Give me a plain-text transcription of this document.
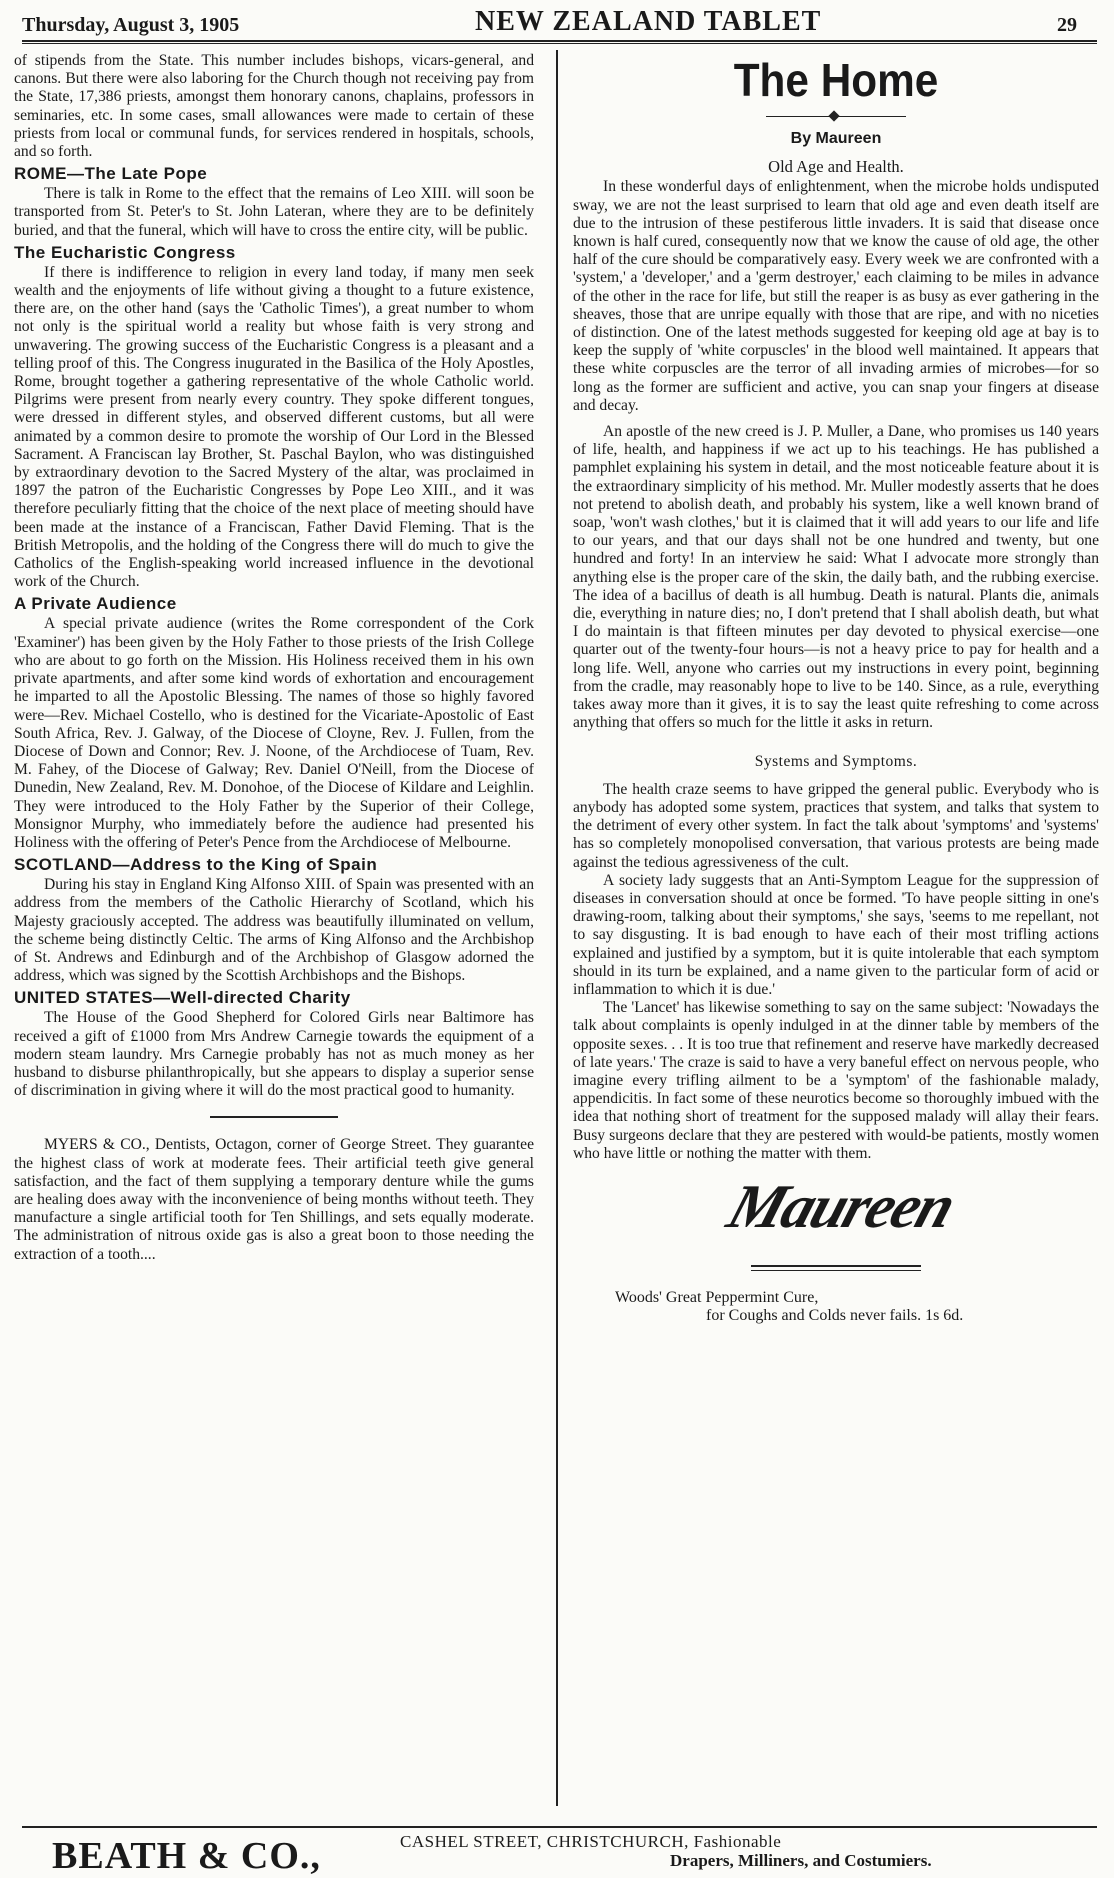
Thursday, August 3, 1905	NEW ZEALAND TABLET	29

of stipends from the State. This number includes bishops, vicars-general, and canons. But there were also laboring for the Church though not receiving pay from the State, 17,386 priests, amongst them honorary canons, chaplains, professors in seminaries, etc. In some cases, small allowances were made to certain of these priests from local or communal funds, for services rendered in hospitals, schools, and so forth.

ROME—The Late Pope

There is talk in Rome to the effect that the remains of Leo XIII. will soon be transported from St. Peter's to St. John Lateran, where they are to be definitely buried, and that the funeral, which will have to cross the entire city, will be public.

The Eucharistic Congress

If there is indifference to religion in every land today, if many men seek wealth and the enjoyments of life without giving a thought to a future existence, there are, on the other hand (says the 'Catholic Times'), a great number to whom not only is the spiritual world a reality but whose faith is very strong and unwavering. The growing success of the Eucharistic Congress is a pleasant and a telling proof of this. The Congress inugurated in the Basilica of the Holy Apostles, Rome, brought together a gathering representative of the whole Catholic world. Pilgrims were present from nearly every country. They spoke different tongues, were dressed in different styles, and observed different customs, but all were animated by a common desire to promote the worship of Our Lord in the Blessed Sacrament. A Franciscan lay Brother, St. Paschal Baylon, who was distinguished by extraordinary devotion to the Sacred Mystery of the altar, was proclaimed in 1897 the patron of the Eucharistic Congresses by Pope Leo XIII., and it was therefore peculiarly fitting that the choice of the next place of meeting should have been made at the instance of a Franciscan, Father David Fleming. That is the British Metropolis, and the holding of the Congress there will do much to give the Catholics of the English-speaking world increased influence in the devotional work of the Church.

A Private Audience

A special private audience (writes the Rome correspondent of the Cork 'Examiner') has been given by the Holy Father to those priests of the Irish College who are about to go forth on the Mission. His Holiness received them in his own private apartments, and after some kind words of exhortation and encouragement he imparted to all the Apostolic Blessing. The names of those so highly favored were—Rev. Michael Costello, who is destined for the Vicariate-Apostolic of East South Africa, Rev. J. Galway, of the Diocese of Cloyne, Rev. J. Fullen, from the Diocese of Down and Connor; Rev. J. Noone, of the Archdiocese of Tuam, Rev. M. Fahey, of the Diocese of Galway; Rev. Daniel O'Neill, from the Diocese of Dunedin, New Zealand, Rev. M. Donohoe, of the Diocese of Kildare and Leighlin. They were introduced to the Holy Father by the Superior of their College, Monsignor Murphy, who immediately before the audience had presented his Holiness with the offering of Peter's Pence from the Archdiocese of Melbourne.

SCOTLAND—Address to the King of Spain

During his stay in England King Alfonso XIII. of Spain was presented with an address from the members of the Catholic Hierarchy of Scotland, which his Majesty graciously accepted. The address was beautifully illuminated on vellum, the scheme being distinctly Celtic. The arms of King Alfonso and the Archbishop of St. Andrews and Edinburgh and of the Archbishop of Glasgow adorned the address, which was signed by the Scottish Archbishops and the Bishops.

UNITED STATES—Well-directed Charity

The House of the Good Shepherd for Colored Girls near Baltimore has received a gift of £1000 from Mrs Andrew Carnegie towards the equipment of a modern steam laundry. Mrs Carnegie probably has not as much money as her husband to disburse philanthropically, but she appears to display a superior sense of discrimination in giving where it will do the most practical good to humanity.

MYERS & CO., Dentists, Octagon, corner of George Street. They guarantee the highest class of work at moderate fees. Their artificial teeth give general satisfaction, and the fact of them supplying a temporary denture while the gums are healing does away with the inconvenience of being months without teeth. They manufacture a single artificial tooth for Ten Shillings, and sets equally moderate. The administration of nitrous oxide gas is also a great boon to those needing the extraction of a tooth....

The Home
By Maureen
Old Age and Health.

In these wonderful days of enlightenment, when the microbe holds undisputed sway, we are not the least surprised to learn that old age and even death itself are due to the intrusion of these pestiferous little invaders. It is said that disease once known is half cured, consequently now that we know the cause of old age, the other half of the cure should be comparatively easy. Every week we are confronted with a 'system,' a 'developer,' and a 'germ destroyer,' each claiming to be miles in advance of the other in the race for life, but still the reaper is as busy as ever gathering in the sheaves, those that are unripe equally with those that are ripe, and with no niceties of distinction. One of the latest methods suggested for keeping old age at bay is to keep the supply of 'white corpuscles' in the blood well maintained. It appears that these white corpuscles are the terror of all invading armies of microbes—for so long as the former are sufficient and active, you can snap your fingers at disease and decay.

An apostle of the new creed is J. P. Muller, a Dane, who promises us 140 years of life, health, and happiness if we act up to his teachings. He has published a pamphlet explaining his system in detail, and the most noticeable feature about it is the extraordinary simplicity of his method. Mr. Muller modestly asserts that he does not pretend to abolish death, and probably his system, like a well known brand of soap, 'won't wash clothes,' but it is claimed that it will add years to our life and life to our years, and that our days shall not be one hundred and twenty, but one hundred and forty! In an interview he said: What I advocate more strongly than anything else is the proper care of the skin, the daily bath, and the rubbing exercise. The idea of a bacillus of death is all humbug. Death is natural. Plants die, animals die, everything in nature dies; no, I don't pretend that I shall abolish death, but what I do maintain is that fifteen minutes per day devoted to physical exercise—one quarter out of the twenty-four hours—is not a heavy price to pay for health and a long life. Well, anyone who carries out my instructions in every point, beginning from the cradle, may reasonably hope to live to be 140. Since, as a rule, everything takes away more than it gives, it is to say the least quite refreshing to come across anything that offers so much for the little it asks in return.

Systems and Symptoms.

The health craze seems to have gripped the general public. Everybody who is anybody has adopted some system, practices that system, and talks that system to the detriment of every other system. In fact the talk about 'symptoms' and 'systems' has so completely monopolised conversation, that various protests are being made against the tedious agressiveness of the cult.

A society lady suggests that an Anti-Symptom League for the suppression of diseases in conversation should at once be formed. 'To have people sitting in one's drawing-room, talking about their symptoms,' she says, 'seems to me repellant, not to say disgusting. It is bad enough to have each of their most trifling actions explained and justified by a symptom, but it is quite intolerable that each symptom should in its turn be explained, and a name given to the particular form of acid or inflammation to which it is due.'

The 'Lancet' has likewise something to say on the same subject: 'Nowadays the talk about complaints is openly indulged in at the dinner table by members of the opposite sexes. . . It is too true that refinement and reserve have markedly decreased of late years.' The craze is said to have a very baneful effect on nervous people, who imagine every trifling ailment to be a 'symptom' of the fashionable malady, appendicitis. In fact some of these neurotics become so thoroughly imbued with the idea that nothing short of treatment for the supposed malady will allay their fears. Busy surgeons declare that they are pestered with would-be patients, mostly women who have little or nothing the matter with them.

Maureen
Woods' Great Peppermint Cure,
for Coughs and Colds never fails. 1s 6d.
BEATH & CO.,	CASHEL STREET, CHRISTCHURCH, Fashionable
Drapers, Milliners, and Costumiers.
